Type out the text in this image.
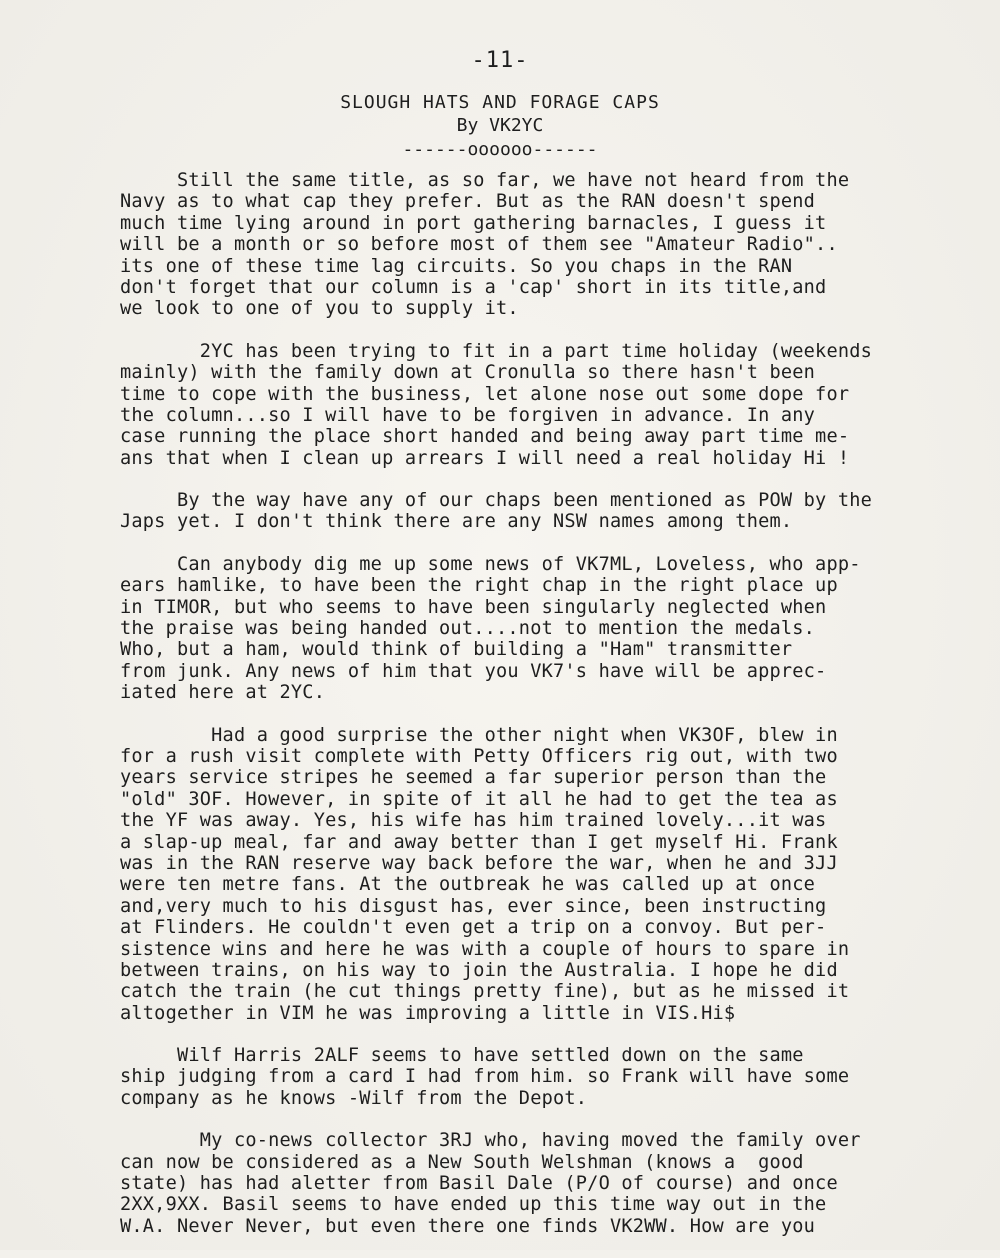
-11-
SLOUGH HATS AND FORAGE CAPS
By VK2YC
------oooooo------
Still the same title, as so far, we have not heard from the
Navy as to what cap they prefer. But as the RAN doesn't spend
much time lying around in port gathering barnacles, I guess it
will be a month or so before most of them see "Amateur Radio"..
its one of these time lag circuits. So you chaps in the RAN
don't forget that our column is a 'cap' short in its title,and
we look to one of you to supply it.
2YC has been trying to fit in a part time holiday (weekends
mainly) with the family down at Cronulla so there hasn't been
time to cope with the business, let alone nose out some dope for
the column...so I will have to be forgiven in advance. In any
case running the place short handed and being away part time me-
ans that when I clean up arrears I will need a real holiday Hi !
By the way have any of our chaps been mentioned as POW by the
Japs yet. I don't think there are any NSW names among them.
Can anybody dig me up some news of VK7ML, Loveless, who app-
ears hamlike, to have been the right chap in the right place up
in TIMOR, but who seems to have been singularly neglected when
the praise was being handed out....not to mention the medals.
Who, but a ham, would think of building a "Ham" transmitter
from junk. Any news of him that you VK7's have will be apprec-
iated here at 2YC.
Had a good surprise the other night when VK3OF, blew in
for a rush visit complete with Petty Officers rig out, with two
years service stripes he seemed a far superior person than the
"old" 3OF. However, in spite of it all he had to get the tea as
the YF was away. Yes, his wife has him trained lovely...it was
a slap-up meal, far and away better than I get myself Hi. Frank
was in the RAN reserve way back before the war, when he and 3JJ
were ten metre fans. At the outbreak he was called up at once
and,very much to his disgust has, ever since, been instructing
at Flinders. He couldn't even get a trip on a convoy. But per-
sistence wins and here he was with a couple of hours to spare in
between trains, on his way to join the Australia. I hope he did
catch the train (he cut things pretty fine), but as he missed it
altogether in VIM he was improving a little in VIS.Hi$
Wilf Harris 2ALF seems to have settled down on the same
ship judging from a card I had from him. so Frank will have some
company as he knows -Wilf from the Depot.
My co-news collector 3RJ who, having moved the family over
can now be considered as a New South Welshman (knows a  good
state) has had aletter from Basil Dale (P/O of course) and once
2XX,9XX. Basil seems to have ended up this time way out in the
W.A. Never Never, but even there one finds VK2WW. How are you
